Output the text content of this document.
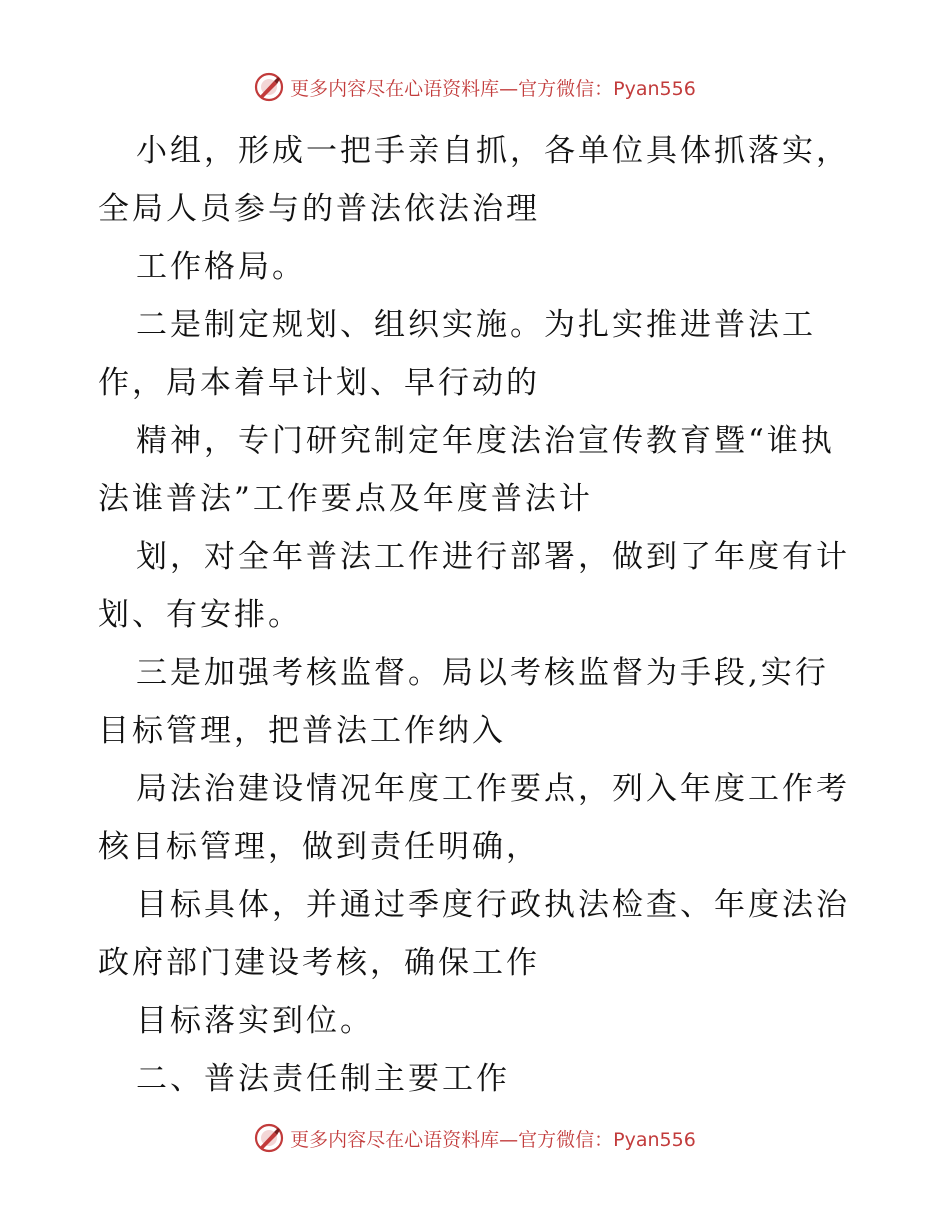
更多内容尽在心语资料库—官方微信：Pyan556
小组，形成一把手亲自抓，各单位具体抓落实，
全局人员参与的普法依法治理
工作格局。
二是制定规划、组织实施。为扎实推进普法工
作，局本着早计划、早行动的
精神，专门研究制定年度法治宣传教育暨“谁执
法谁普法”工作要点及年度普法计
划，对全年普法工作进行部署，做到了年度有计
划、有安排。
三是加强考核监督。局以考核监督为手段,实行
目标管理，把普法工作纳入
局法治建设情况年度工作要点，列入年度工作考
核目标管理，做到责任明确，
目标具体，并通过季度行政执法检查、年度法治
政府部门建设考核，确保工作
目标落实到位。
二、普法责任制主要工作
更多内容尽在心语资料库—官方微信：Pyan556
